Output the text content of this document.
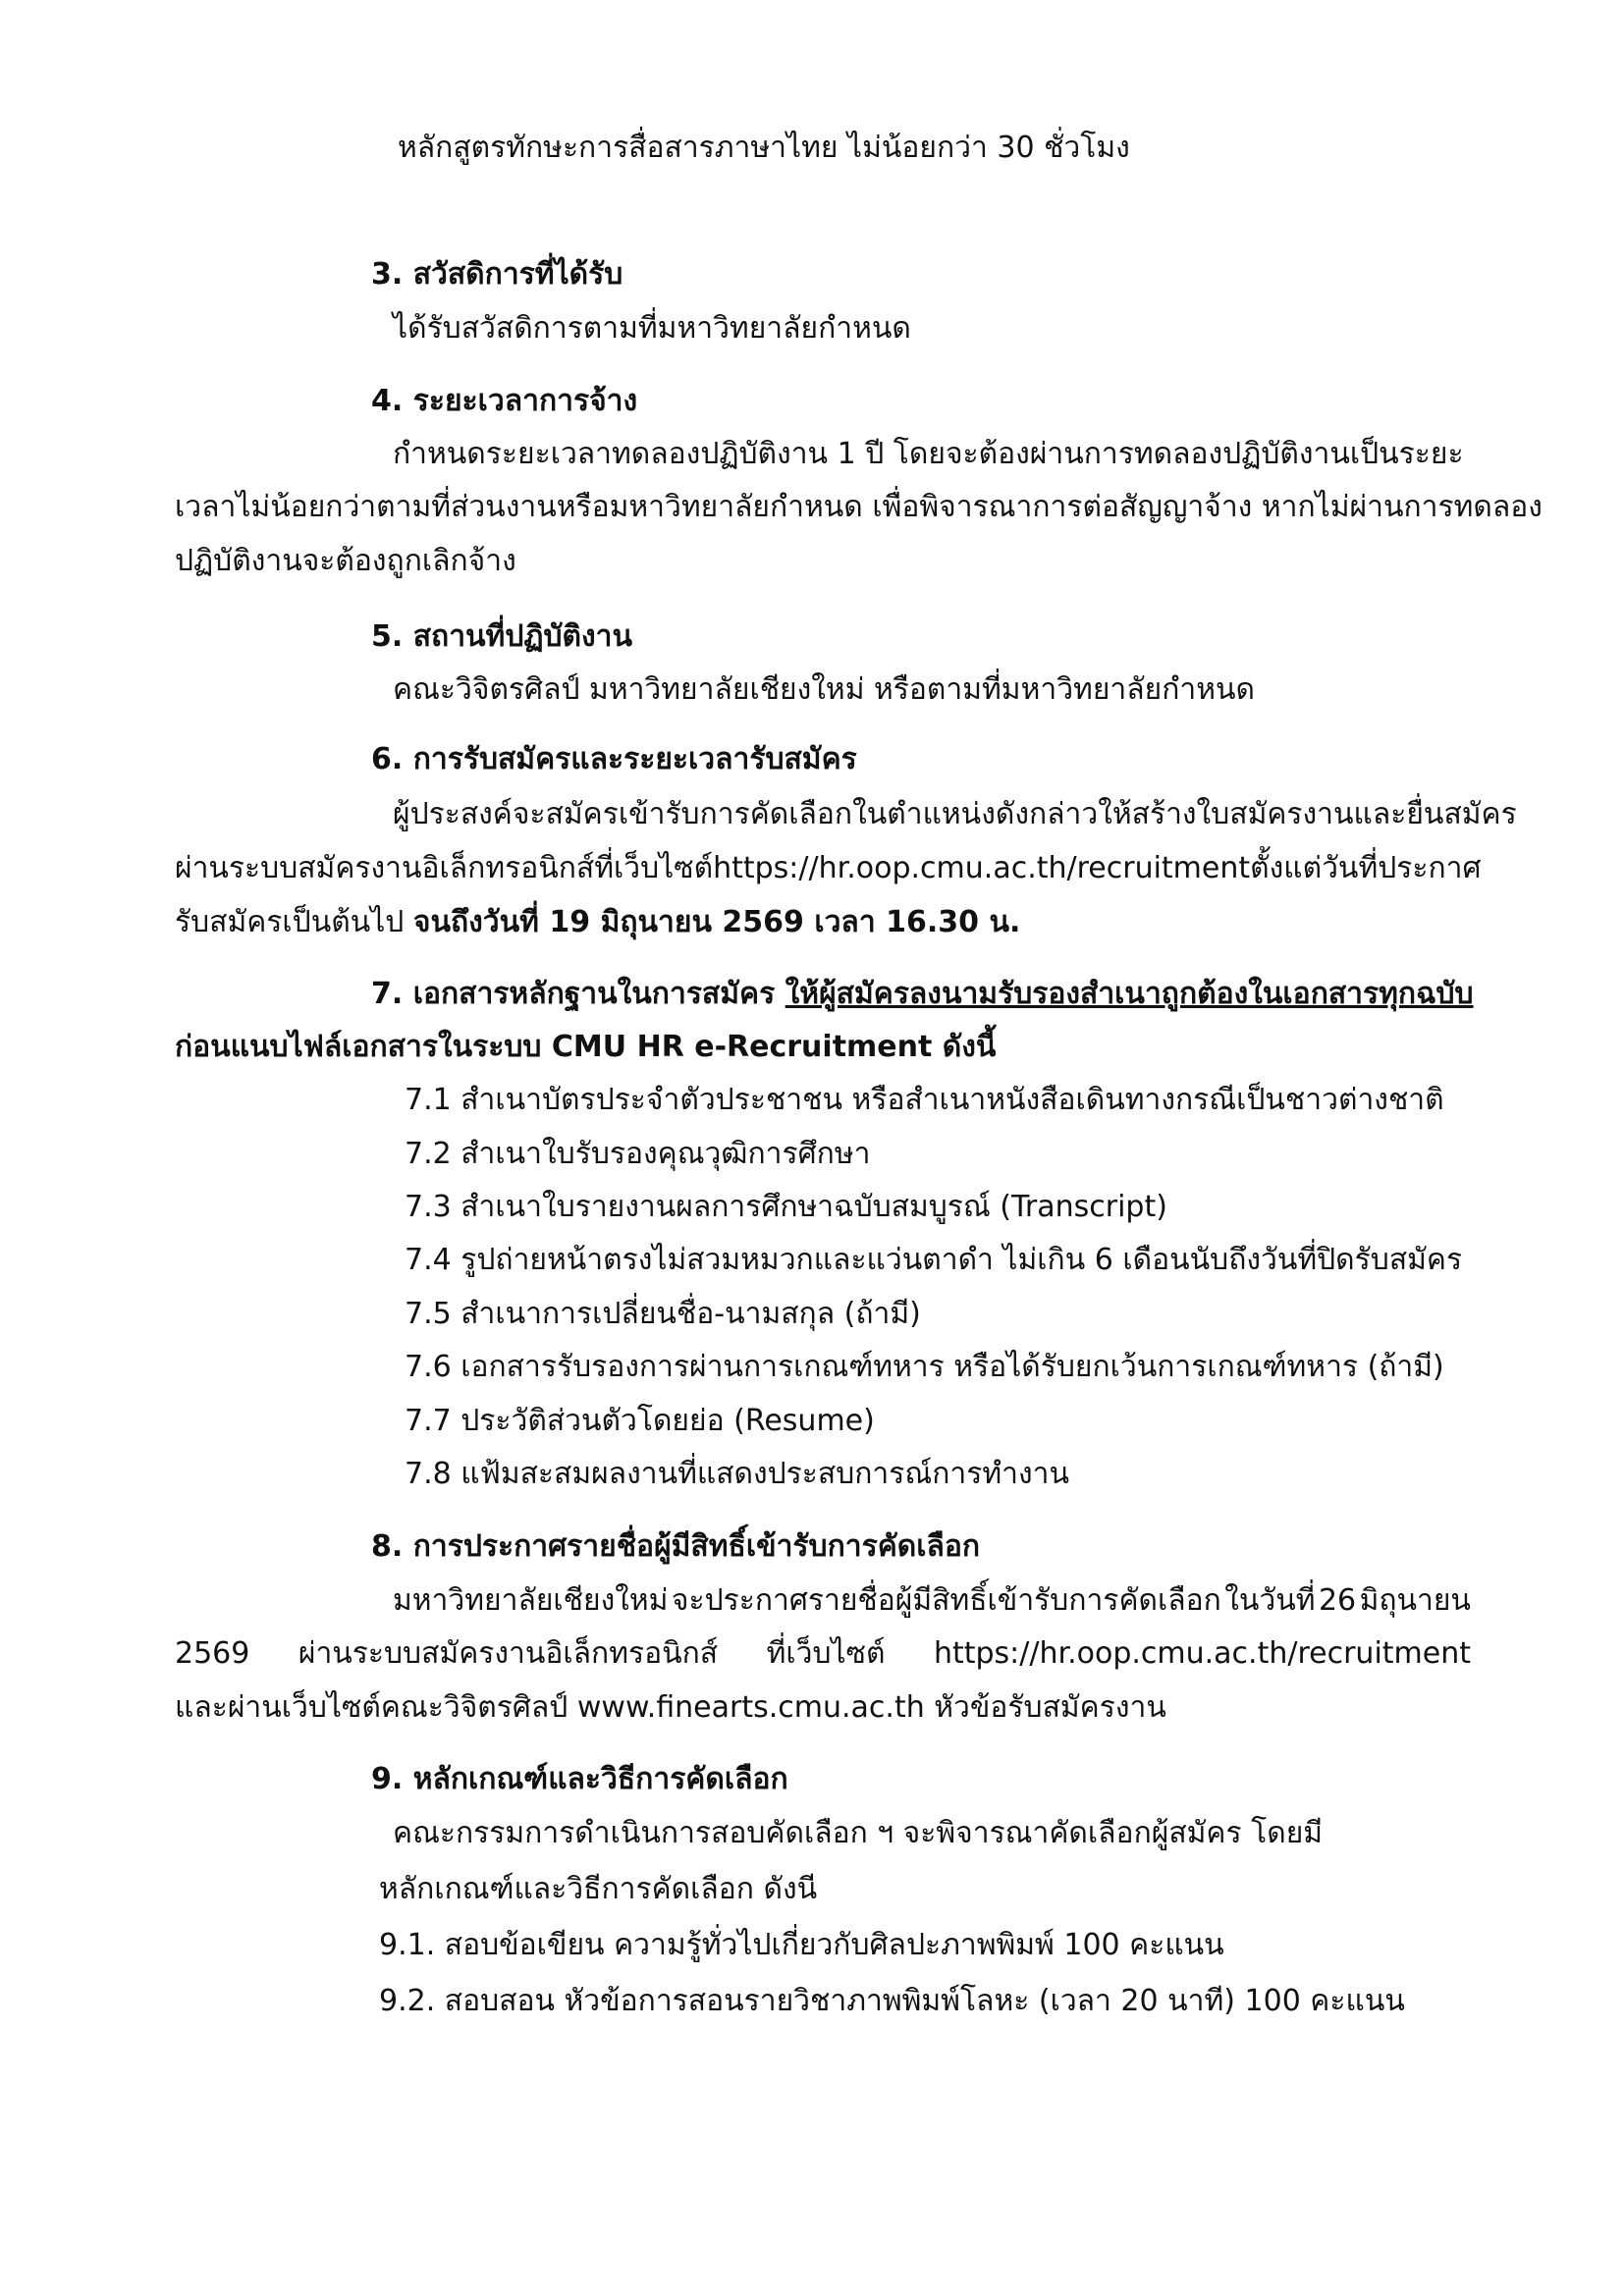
หลักสูตรทักษะการสื่อสารภาษาไทย ไม่น้อยกว่า 30 ชั่วโมง

3. สวัสดิการที่ได้รับ

ได้รับสวัสดิการตามที่มหาวิทยาลัยกำหนด

4. ระยะเวลาการจ้าง

กำหนดระยะเวลาทดลองปฏิบัติงาน 1 ปี โดยจะต้องผ่านการทดลองปฏิบัติงานเป็นระยะ

เวลาไม่น้อยกว่าตามที่ส่วนงานหรือมหาวิทยาลัยกำหนด เพื่อพิจารณาการต่อสัญญาจ้าง หากไม่ผ่านการทดลอง

ปฏิบัติงานจะต้องถูกเลิกจ้าง

5. สถานที่ปฏิบัติงาน

คณะวิจิตรศิลป์ มหาวิทยาลัยเชียงใหม่ หรือตามที่มหาวิทยาลัยกำหนด

6. การรับสมัครและระยะเวลารับสมัคร

ผู้ประสงค์จะสมัครเข้ารับการคัดเลือกในตำแหน่งดังกล่าว ให้สร้างใบสมัครงานและยื่นสมัคร
ผ่านระบบสมัครงานอิเล็กทรอนิกส์ ที่เว็บไซต์ https://hr.oop.cmu.ac.th/recruitment ตั้งแต่วันที่ประกาศ

รับสมัครเป็นต้นไป จนถึงวันที่ 19 มิถุนายน 2569 เวลา 16.30 น.

7. เอกสารหลักฐานในการสมัคร ให้ผู้สมัครลงนามรับรองสำเนาถูกต้องในเอกสารทุกฉบับ

ก่อนแนบไฟล์เอกสารในระบบ CMU HR e-Recruitment ดังนี้

7.1 สำเนาบัตรประจำตัวประชาชน หรือสำเนาหนังสือเดินทางกรณีเป็นชาวต่างชาติ

7.2 สำเนาใบรับรองคุณวุฒิการศึกษา

7.3 สำเนาใบรายงานผลการศึกษาฉบับสมบูรณ์ (Transcript)

7.4 รูปถ่ายหน้าตรงไม่สวมหมวกและแว่นตาดำ ไม่เกิน 6 เดือนนับถึงวันที่ปิดรับสมัคร

7.5 สำเนาการเปลี่ยนชื่อ-นามสกุล (ถ้ามี)

7.6 เอกสารรับรองการผ่านการเกณฑ์ทหาร หรือได้รับยกเว้นการเกณฑ์ทหาร (ถ้ามี)

7.7 ประวัติส่วนตัวโดยย่อ (Resume)

7.8 แฟ้มสะสมผลงานที่แสดงประสบการณ์การทำงาน

8. การประกาศรายชื่อผู้มีสิทธิ์เข้ารับการคัดเลือก

มหาวิทยาลัยเชียงใหม่ จะประกาศรายชื่อผู้มีสิทธิ์เข้ารับการคัดเลือก ในวันที่ 26 มิถุนายน
2569 ผ่านระบบสมัครงานอิเล็กทรอนิกส์ ที่เว็บไซต์ https://hr.oop.cmu.ac.th/recruitment

และผ่านเว็บไซต์คณะวิจิตรศิลป์ www.finearts.cmu.ac.th หัวข้อรับสมัครงาน

9. หลักเกณฑ์และวิธีการคัดเลือก

คณะกรรมการดำเนินการสอบคัดเลือก ฯ จะพิจารณาคัดเลือกผู้สมัคร โดยมี

หลักเกณฑ์และวิธีการคัดเลือก ดังนี

9.1. สอบข้อเขียน ความรู้ทั่วไปเกี่ยวกับศิลปะภาพพิมพ์ 100 คะแนน

9.2. สอบสอน หัวข้อการสอนรายวิชาภาพพิมพ์โลหะ (เวลา 20 นาที) 100 คะแนน
